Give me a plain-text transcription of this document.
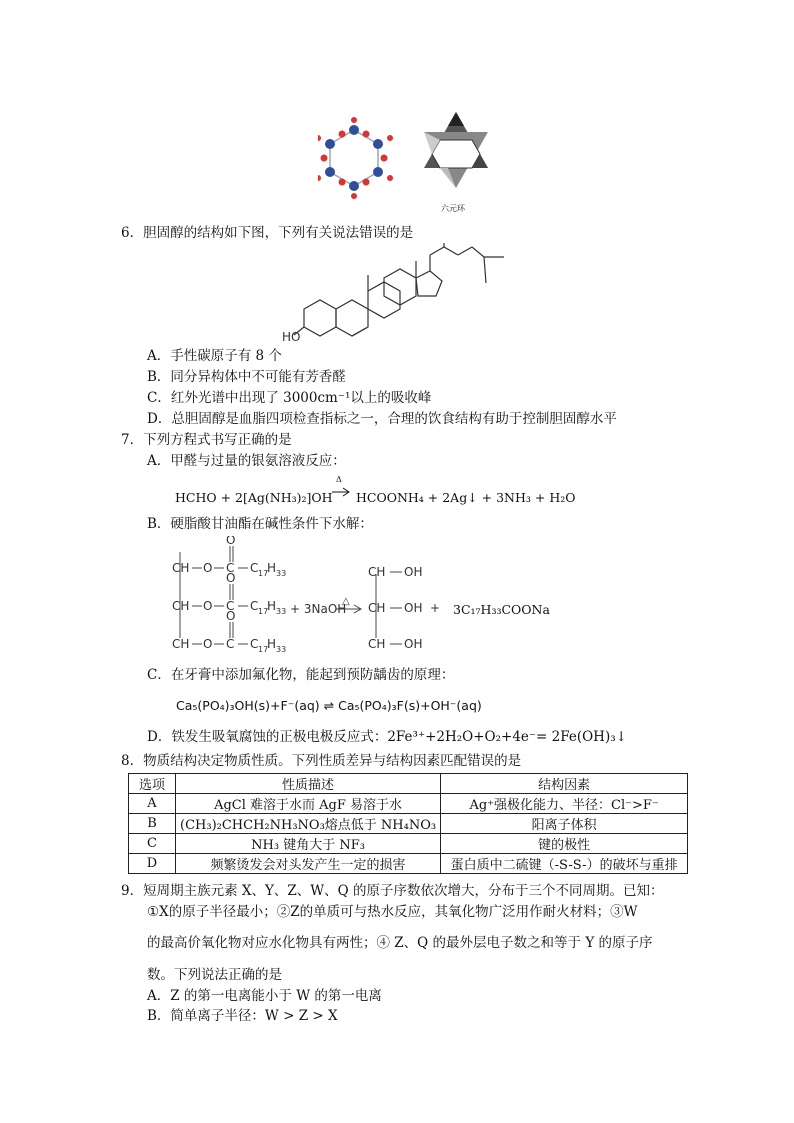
六元环
6．胆固醇的结构如下图，下列有关说法错误的是
HO
A．手性碳原子有 8 个
B．同分异构体中不可能有芳香醛
C．红外光谱中出现了 3000cm⁻¹以上的吸收峰
D．总胆固醇是血脂四项检查指标之一，合理的饮食结构有助于控制胆固醇水平
7．下列方程式书写正确的是
A．甲醛与过量的银氨溶液反应：
HCHO + 2[Ag(NH₃)₂]OH
Δ
→ HCOONH₄ + 2Ag↓ + 3NH₃ + H₂O
B．硬脂酸甘油酯在碱性条件下水解：
CH O C
O
C 17
H 33
CH O C
O
C 17
H 33
CH O C
O
C 17
H 33
+ 3NaOH
△
CH OH
CH OH
CH OH
+ 3C₁₇H₃₃COONa
C．在牙膏中添加氟化物，能起到预防龋齿的原理：
Ca₅(PO₄)₃OH(s)+F⁻(aq) ⇌ Ca₅(PO₄)₃F(s)+OH⁻(aq)
D．铁发生吸氧腐蚀的正极电极反应式：2Fe³⁺+2H₂O+O₂+4e⁻= 2Fe(OH)₃↓
8．物质结构决定物质性质。下列性质差异与结构因素匹配错误的是
选项	性质描述	结构因素
A	AgCl 难溶于水而 AgF 易溶于水	Ag⁺强极化能力、半径：Cl⁻>F⁻
B	(CH₃)₂CHCH₂NH₃NO₃熔点低于 NH₄NO₃	阳离子体积
C	NH₃ 键角大于 NF₃	键的极性
D	频繁烫发会对头发产生一定的损害	蛋白质中二硫键（-S-S-）的破坏与重排
9．短周期主族元素 X、Y、Z、W、Q 的原子序数依次增大，分布于三个不同周期。已知：
①X的原子半径最小；②Z的单质可与热水反应，其氧化物广泛用作耐火材料；③W
的最高价氧化物对应水化物具有两性；④ Z、Q 的最外层电子数之和等于 Y 的原子序
数。下列说法正确的是
A．Z 的第一电离能小于 W 的第一电离
B．简单离子半径：W > Z > X
